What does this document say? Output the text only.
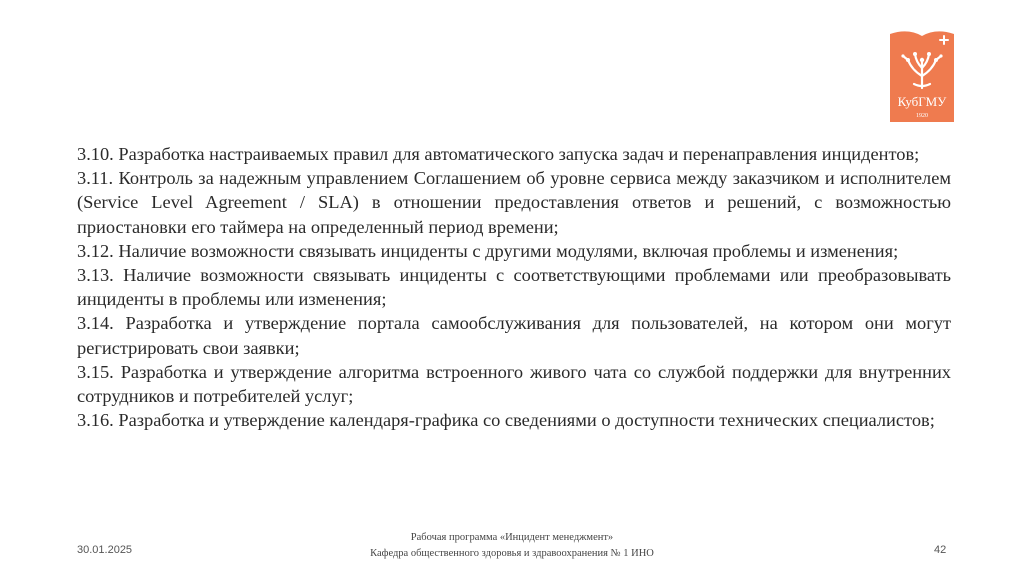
КубГМУ
1920

3.10. Разработка настраиваемых правил для автоматического запуска задач и перенаправления инцидентов;

3.11. Контроль за надежным управлением Соглашением об уровне сервиса между заказчиком и исполнителем (Service Level Agreement / SLA) в отношении предоставления ответов и решений, с возможностью приостановки его таймера на определенный период времени;

3.12. Наличие возможности связывать инциденты с другими модулями, включая проблемы и изменения;

3.13. Наличие возможности связывать инциденты с соответствующими проблемами или преобразовывать инциденты в проблемы или изменения;

3.14. Разработка и утверждение портала самообслуживания для пользователей, на котором они могут регистрировать свои заявки;

3.15. Разработка и утверждение алгоритма встроенного живого чата со службой поддержки для внутренних сотрудников и потребителей услуг;

3.16. Разработка и утверждение календаря-графика со сведениями о доступности технических специалистов;

30.01.2025
Рабочая программа «Инцидент менеджмент»
Кафедра общественного здоровья и здравоохранения № 1 ИНО	42
